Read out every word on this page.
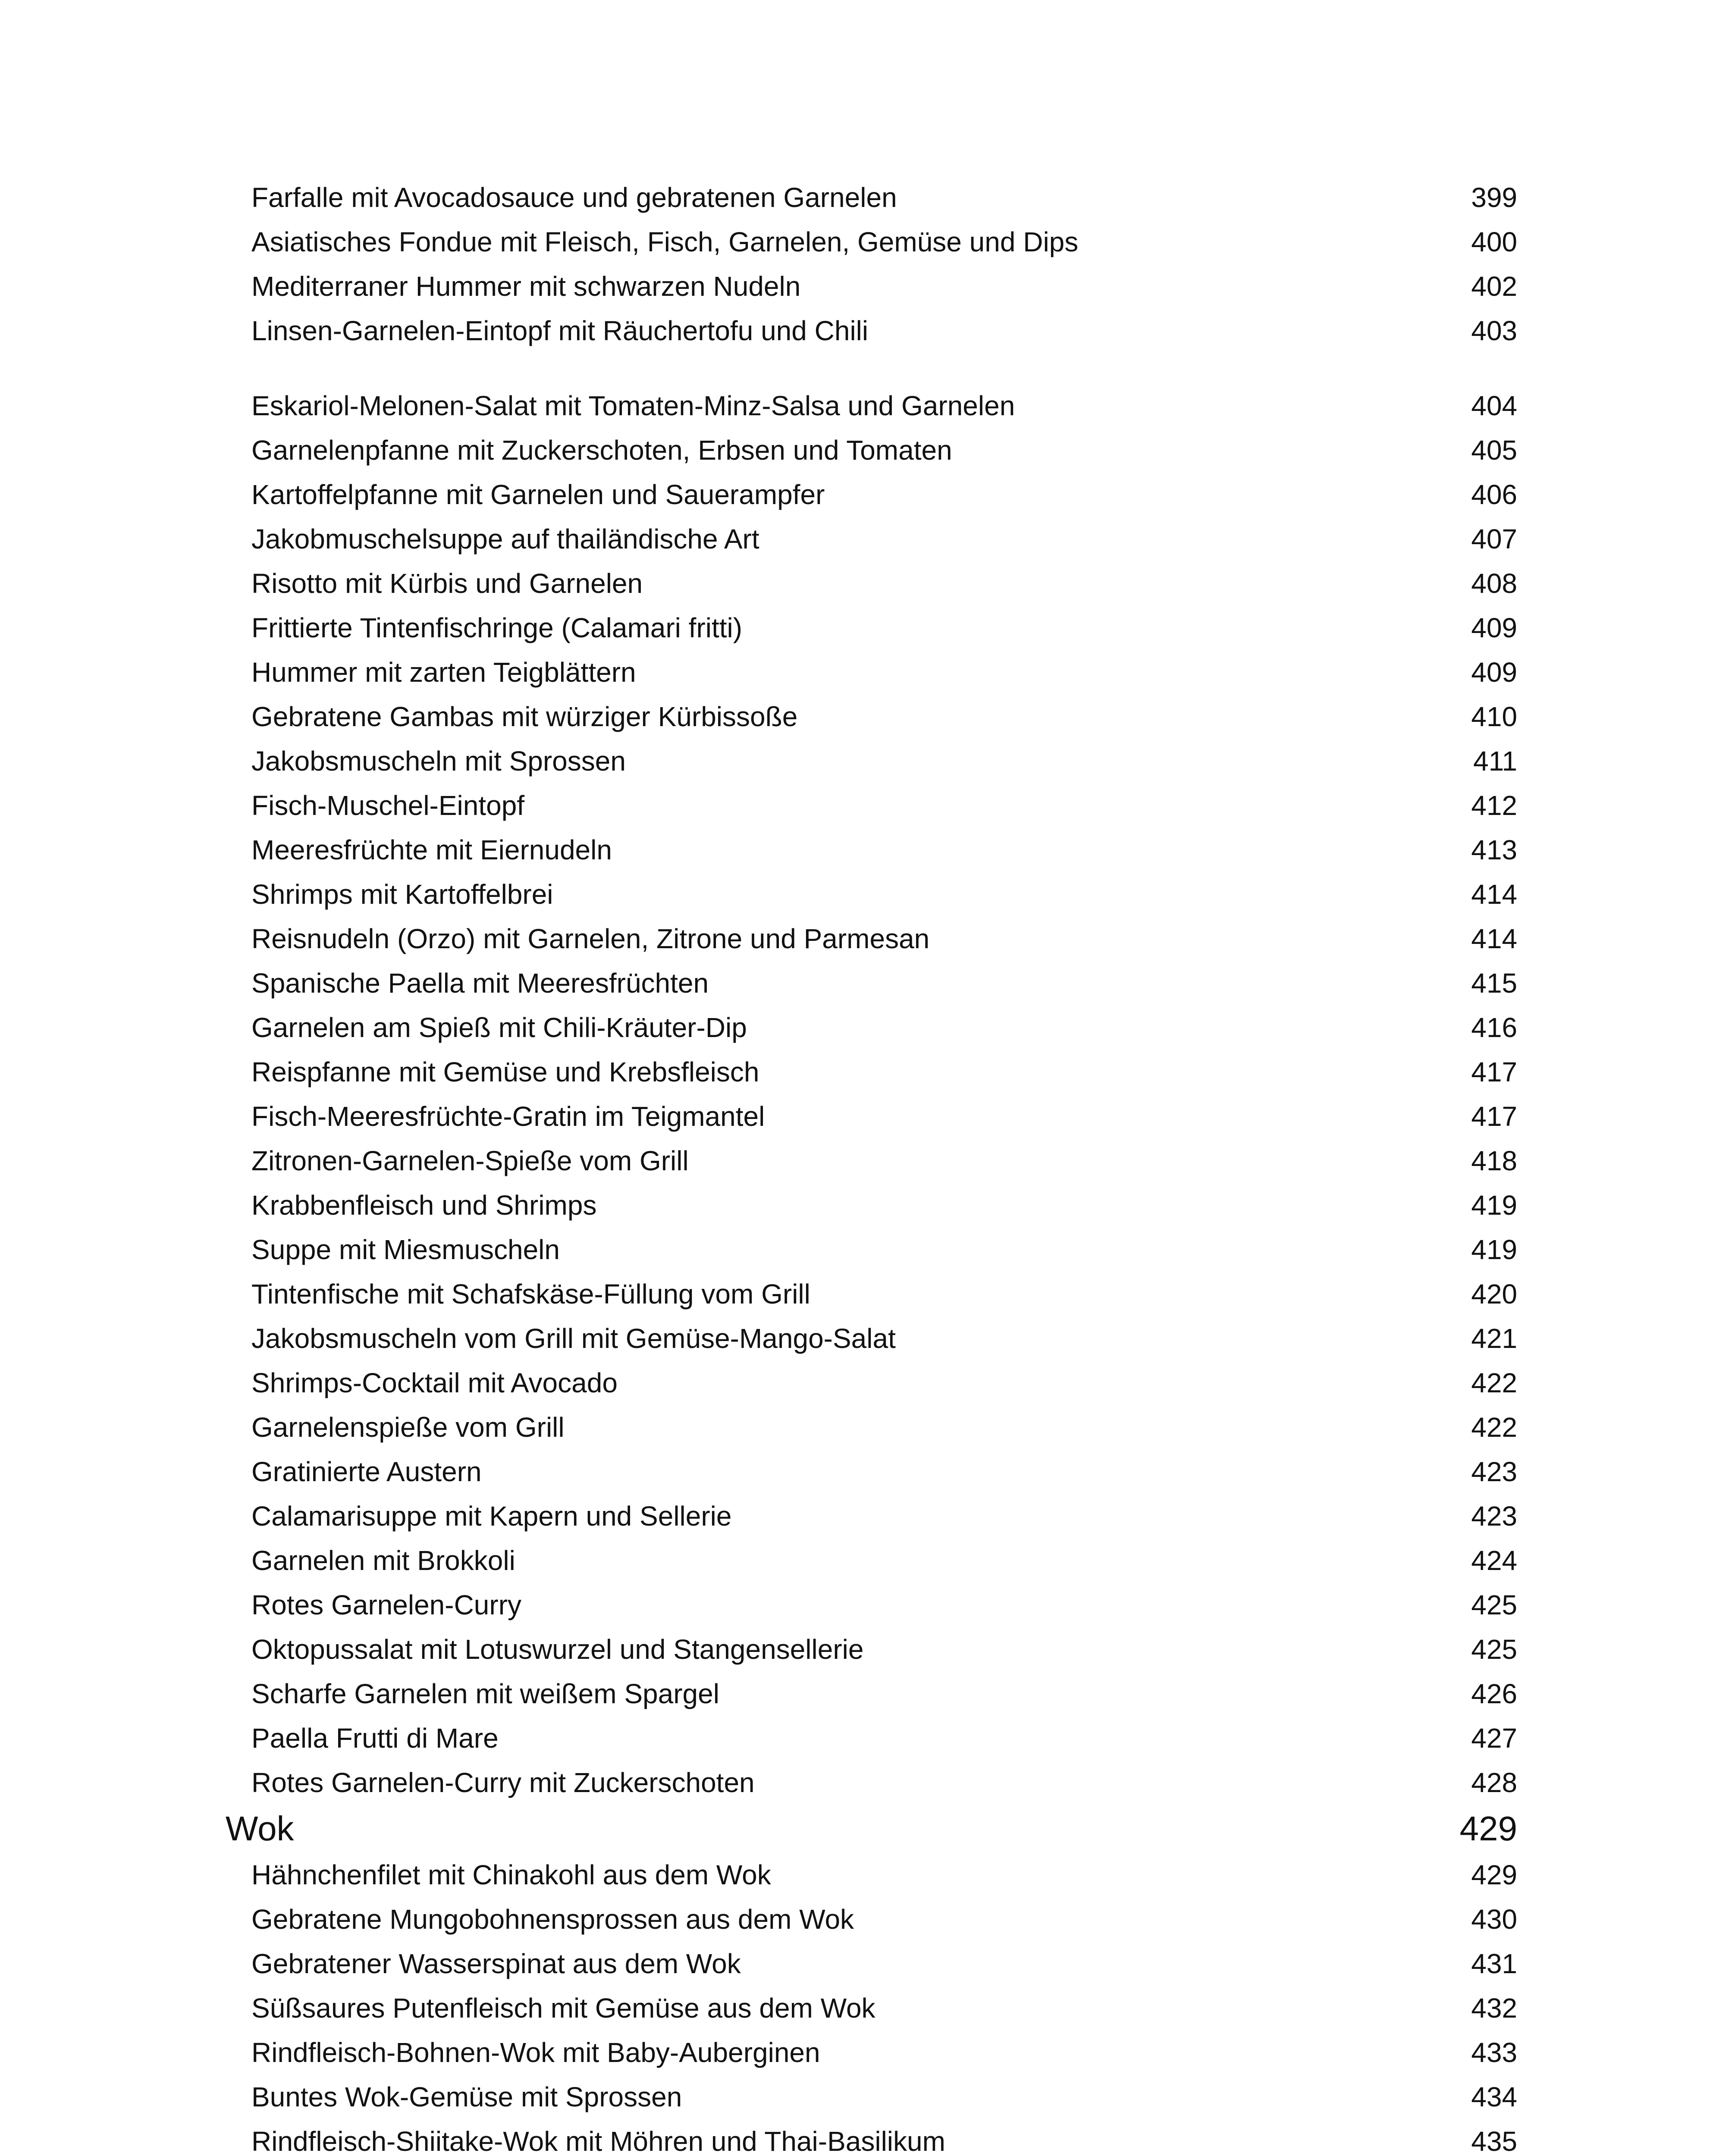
Farfalle mit Avocadosauce und gebratenen Garnelen	399
Asiatisches Fondue mit Fleisch, Fisch, Garnelen, Gemüse und Dips	400
Mediterraner Hummer mit schwarzen Nudeln	402
Linsen-Garnelen-Eintopf mit Räuchertofu und Chili	403
Eskariol-Melonen-Salat mit Tomaten-Minz-Salsa und Garnelen	404
Garnelenpfanne mit Zuckerschoten, Erbsen und Tomaten	405
Kartoffelpfanne mit Garnelen und Sauerampfer	406
Jakobmuschelsuppe auf thailändische Art	407
Risotto mit Kürbis und Garnelen	408
Frittierte Tintenfischringe (Calamari fritti)	409
Hummer mit zarten Teigblättern	409
Gebratene Gambas mit würziger Kürbissoße	410
Jakobsmuscheln mit Sprossen	411
Fisch-Muschel-Eintopf	412
Meeresfrüchte mit Eiernudeln	413
Shrimps mit Kartoffelbrei	414
Reisnudeln (Orzo) mit Garnelen, Zitrone und Parmesan	414
Spanische Paella mit Meeresfrüchten	415
Garnelen am Spieß mit Chili-Kräuter-Dip	416
Reispfanne mit Gemüse und Krebsfleisch	417
Fisch-Meeresfrüchte-Gratin im Teigmantel	417
Zitronen-Garnelen-Spieße vom Grill	418
Krabbenfleisch und Shrimps	419
Suppe mit Miesmuscheln	419
Tintenfische mit Schafskäse-Füllung vom Grill	420
Jakobsmuscheln vom Grill mit Gemüse-Mango-Salat	421
Shrimps-Cocktail mit Avocado	422
Garnelenspieße vom Grill	422
Gratinierte Austern	423
Calamarisuppe mit Kapern und Sellerie	423
Garnelen mit Brokkoli	424
Rotes Garnelen-Curry	425
Oktopussalat mit Lotuswurzel und Stangensellerie	425
Scharfe Garnelen mit weißem Spargel	426
Paella Frutti di Mare	427
Rotes Garnelen-Curry mit Zuckerschoten	428
Wok	429
Hähnchenfilet mit Chinakohl aus dem Wok	429
Gebratene Mungobohnensprossen aus dem Wok	430
Gebratener Wasserspinat aus dem Wok	431
Süßsaures Putenfleisch mit Gemüse aus dem Wok	432
Rindfleisch-Bohnen-Wok mit Baby-Auberginen	433
Buntes Wok-Gemüse mit Sprossen	434
Rindfleisch-Shiitake-Wok mit Möhren und Thai-Basilikum	435
